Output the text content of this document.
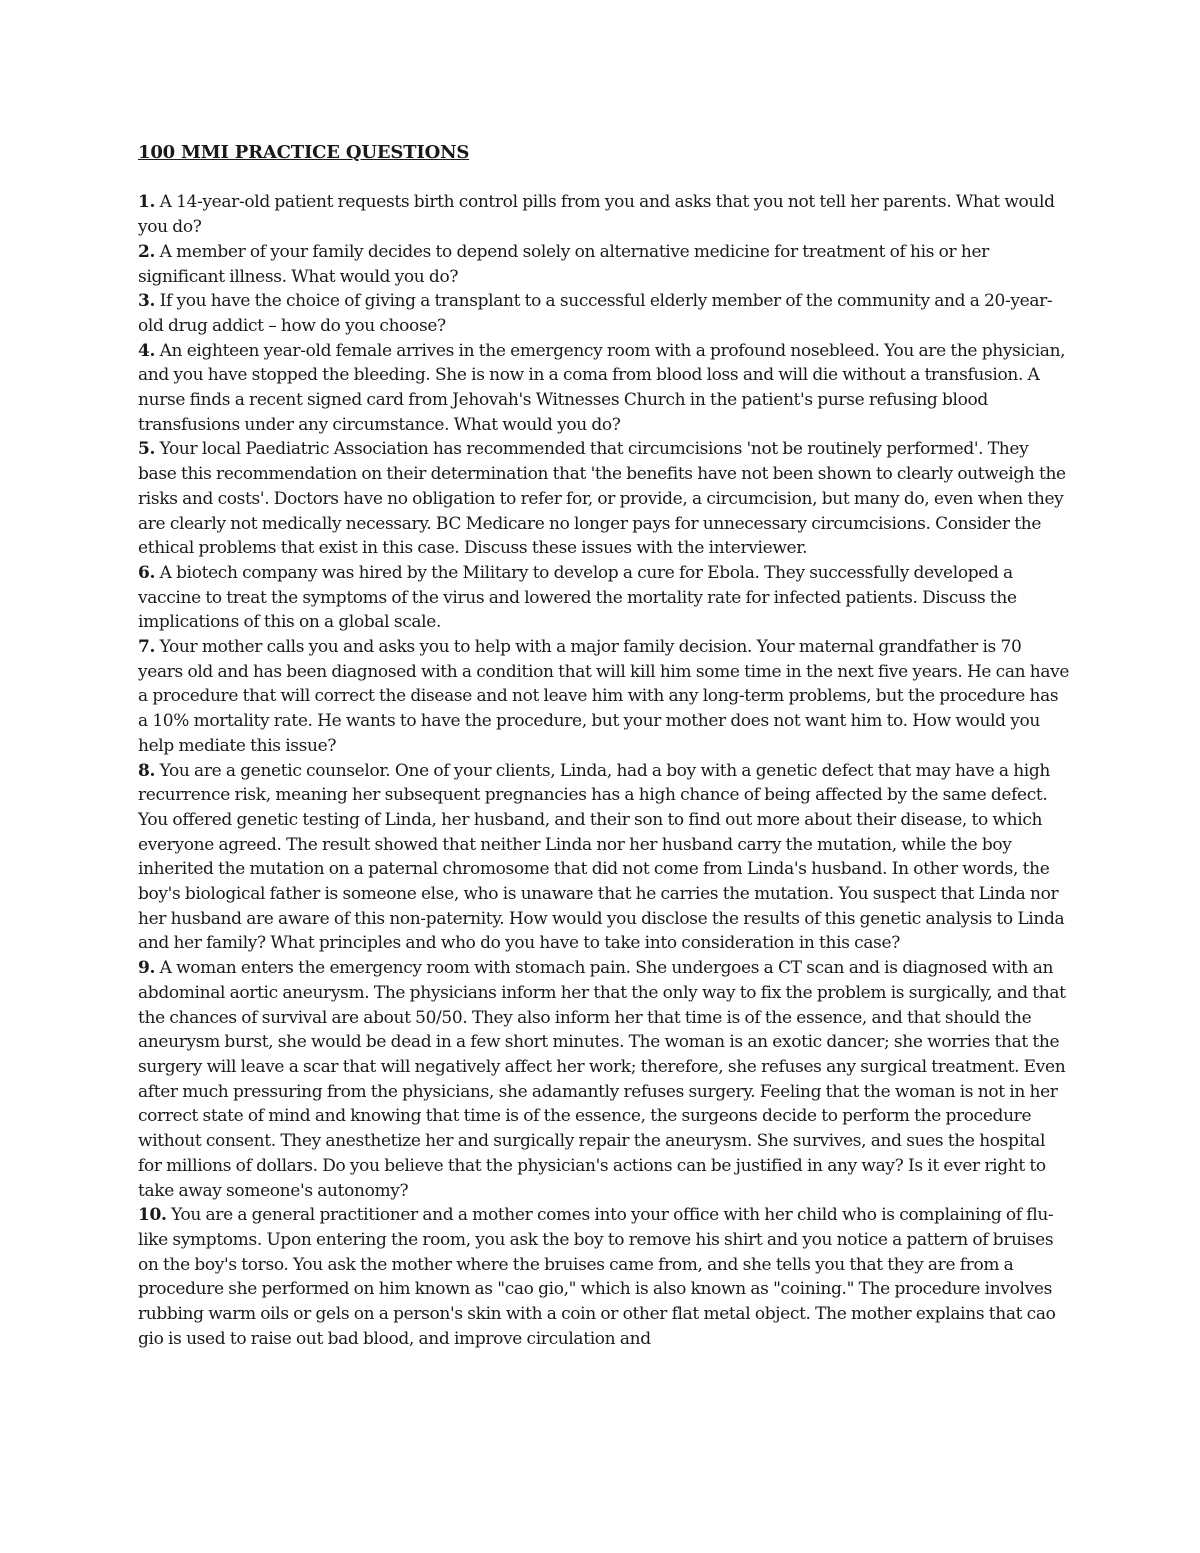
100 MMI PRACTICE QUESTIONS

1. A 14-year-old patient requests birth control pills from you and asks that you not tell her parents. What would you do?

2. A member of your family decides to depend solely on alternative medicine for treatment of his or her significant illness. What would you do?

3. If you have the choice of giving a transplant to a successful elderly member of the community and a 20-year-old drug addict – how do you choose?

4. An eighteen year-old female arrives in the emergency room with a profound nosebleed. You are the physician, and you have stopped the bleeding. She is now in a coma from blood loss and will die without a transfusion. A nurse finds a recent signed card from Jehovah's Witnesses Church in the patient's purse refusing blood transfusions under any circumstance. What would you do?

5. Your local Paediatric Association has recommended that circumcisions 'not be routinely performed'. They base this recommendation on their determination that 'the benefits have not been shown to clearly outweigh the risks and costs'. Doctors have no obligation to refer for, or provide, a circumcision, but many do, even when they are clearly not medically necessary. BC Medicare no longer pays for unnecessary circumcisions. Consider the ethical problems that exist in this case. Discuss these issues with the interviewer.

6. A biotech company was hired by the Military to develop a cure for Ebola. They successfully developed a vaccine to treat the symptoms of the virus and lowered the mortality rate for infected patients. Discuss the implications of this on a global scale.

7. Your mother calls you and asks you to help with a major family decision. Your maternal grandfather is 70 years old and has been diagnosed with a condition that will kill him some time in the next five years. He can have a procedure that will correct the disease and not leave him with any long-term problems, but the procedure has a 10% mortality rate. He wants to have the procedure, but your mother does not want him to. How would you help mediate this issue?

8. You are a genetic counselor. One of your clients, Linda, had a boy with a genetic defect that may have a high recurrence risk, meaning her subsequent pregnancies has a high chance of being affected by the same defect. You offered genetic testing of Linda, her husband, and their son to find out more about their disease, to which everyone agreed. The result showed that neither Linda nor her husband carry the mutation, while the boy inherited the mutation on a paternal chromosome that did not come from Linda's husband. In other words, the boy's biological father is someone else, who is unaware that he carries the mutation. You suspect that Linda nor her husband are aware of this non-paternity. How would you disclose the results of this genetic analysis to Linda and her family? What principles and who do you have to take into consideration in this case?

9. A woman enters the emergency room with stomach pain. She undergoes a CT scan and is diagnosed with an abdominal aortic aneurysm. The physicians inform her that the only way to fix the problem is surgically, and that the chances of survival are about 50/50. They also inform her that time is of the essence, and that should the aneurysm burst, she would be dead in a few short minutes. The woman is an exotic dancer; she worries that the surgery will leave a scar that will negatively affect her work; therefore, she refuses any surgical treatment. Even after much pressuring from the physicians, she adamantly refuses surgery. Feeling that the woman is not in her correct state of mind and knowing that time is of the essence, the surgeons decide to perform the procedure without consent. They anesthetize her and surgically repair the aneurysm. She survives, and sues the hospital for millions of dollars. Do you believe that the physician's actions can be justified in any way? Is it ever right to take away someone's autonomy?

10. You are a general practitioner and a mother comes into your office with her child who is complaining of flu-like symptoms. Upon entering the room, you ask the boy to remove his shirt and you notice a pattern of bruises on the boy's torso. You ask the mother where the bruises came from, and she tells you that they are from a procedure she performed on him known as "cao gio," which is also known as "coining." The procedure involves rubbing warm oils or gels on a person's skin with a coin or other flat metal object. The mother explains that cao gio is used to raise out bad blood, and improve circulation and
